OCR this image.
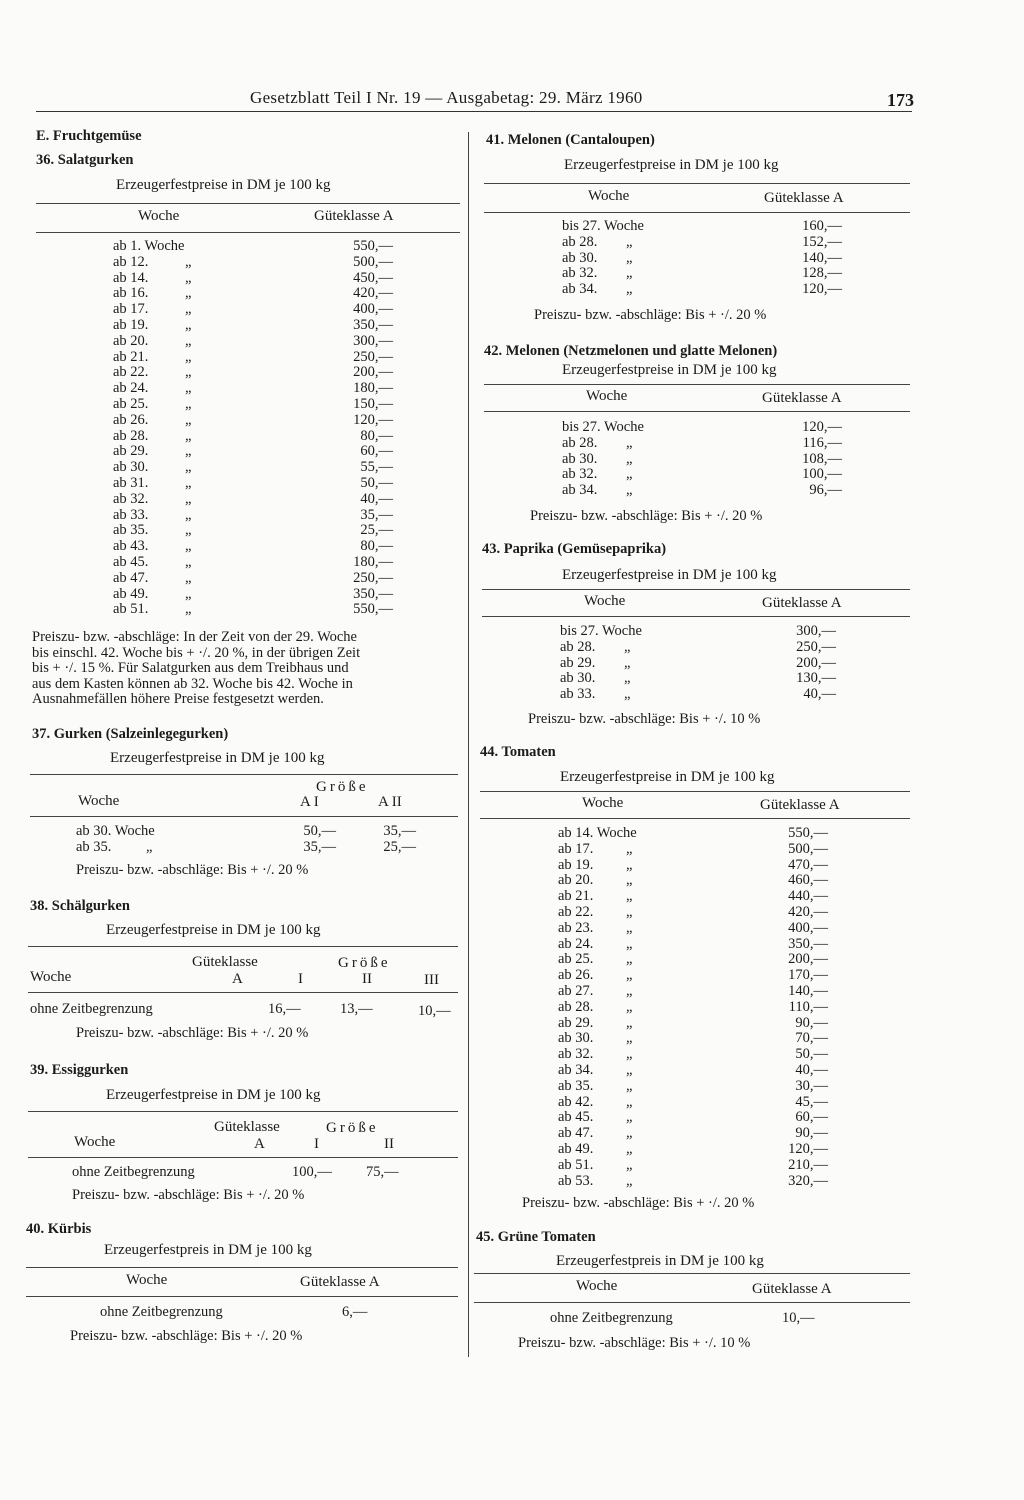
Gesetzblatt Teil I Nr. 19 — Ausgabetag: 29. März 1960	173
E. Fruchtgemüse
36. Salatgurken
Erzeugerfestpreise in DM je 100 kg
Woche	Güteklasse A
ab 1. Woche	550,—
ab 12.	„	500,—
ab 14.	„	450,—
ab 16.	„	420,—
ab 17.	„	400,—
ab 19.	„	350,—
ab 20.	„	300,—
ab 21.	„	250,—
ab 22.	„	200,—
ab 24.	„	180,—
ab 25.	„	150,—
ab 26.	„	120,—
ab 28.	„	80,—
ab 29.	„	60,—
ab 30.	„	55,—
ab 31.	„	50,—
ab 32.	„	40,—
ab 33.	„	35,—
ab 35.	„	25,—
ab 43.	„	80,—
ab 45.	„	180,—
ab 47.	„	250,—
ab 49.	„	350,—
ab 51.	„	550,—
Preiszu- bzw. -abschläge: In der Zeit von der 29. Woche
bis einschl. 42. Woche bis + ·/. 20 %, in der übrigen Zeit
bis + ·/. 15 %. Für Salatgurken aus dem Treibhaus und
aus dem Kasten können ab 32. Woche bis 42. Woche in
Ausnahmefällen höhere Preise festgesetzt werden.
37. Gurken (Salzeinlegegurken)
Erzeugerfestpreise in DM je 100 kg
Größe
Woche	A I	A II
ab 30. Woche	50,—	35,—
ab 35. „	35,—	25,—
Preiszu- bzw. -abschläge: Bis + ·/. 20 %
38. Schälgurken
Erzeugerfestpreise in DM je 100 kg
Güteklasse	Größe
Woche	A	I	II	III
ohne Zeitbegrenzung	16,—	13,—	10,—
Preiszu- bzw. -abschläge: Bis + ·/. 20 %
39. Essiggurken
Erzeugerfestpreise in DM je 100 kg
Güteklasse	Größe
Woche	A	I	II
ohne Zeitbegrenzung	100,— 75,—
Preiszu- bzw. -abschläge: Bis + ·/. 20 %
40. Kürbis
Erzeugerfestpreis in DM je 100 kg
Woche	Güteklasse A
ohne Zeitbegrenzung	6,—
Preiszu- bzw. -abschläge: Bis + ·/. 20 %
41. Melonen (Cantaloupen)
Erzeugerfestpreise in DM je 100 kg
Woche	Güteklasse A
bis 27. Woche	160,—
ab 28. „	152,—
ab 30. „	140,—
ab 32. „	128,—
ab 34. „	120,—
Preiszu- bzw. -abschläge: Bis + ·/. 20 %
42. Melonen (Netzmelonen und glatte Melonen)
Erzeugerfestpreise in DM je 100 kg
Woche	Güteklasse A
bis 27. Woche	120,—
ab 28. „	116,—
ab 30. „	108,—
ab 32. „	100,—
ab 34. „	96,—
Preiszu- bzw. -abschläge: Bis + ·/. 20 %
43. Paprika (Gemüsepaprika)
Erzeugerfestpreise in DM je 100 kg
Woche	Güteklasse A
bis 27. Woche	300,—
ab 28. „	250,—
ab 29. „	200,—
ab 30. „	130,—
ab 33. „	40,—
Preiszu- bzw. -abschläge: Bis + ·/. 10 %
44. Tomaten
Erzeugerfestpreise in DM je 100 kg
Woche	Güteklasse A
ab 14. Woche	550,—
ab 17. „	500,—
ab 19. „	470,—
ab 20. „	460,—
ab 21. „	440,—
ab 22. „	420,—
ab 23. „	400,—
ab 24. „	350,—
ab 25. „	200,—
ab 26. „	170,—
ab 27. „	140,—
ab 28. „	110,—
ab 29. „	90,—
ab 30. „	70,—
ab 32. „	50,—
ab 34. „	40,—
ab 35. „	30,—
ab 42. „	45,—
ab 45. „	60,—
ab 47. „	90,—
ab 49. „	120,—
ab 51. „	210,—
ab 53. „	320,—
Preiszu- bzw. -abschläge: Bis + ·/. 20 %
45. Grüne Tomaten
Erzeugerfestpreis in DM je 100 kg
Woche	Güteklasse A
ohne Zeitbegrenzung	10,—
Preiszu- bzw. -abschläge: Bis + ·/. 10 %
